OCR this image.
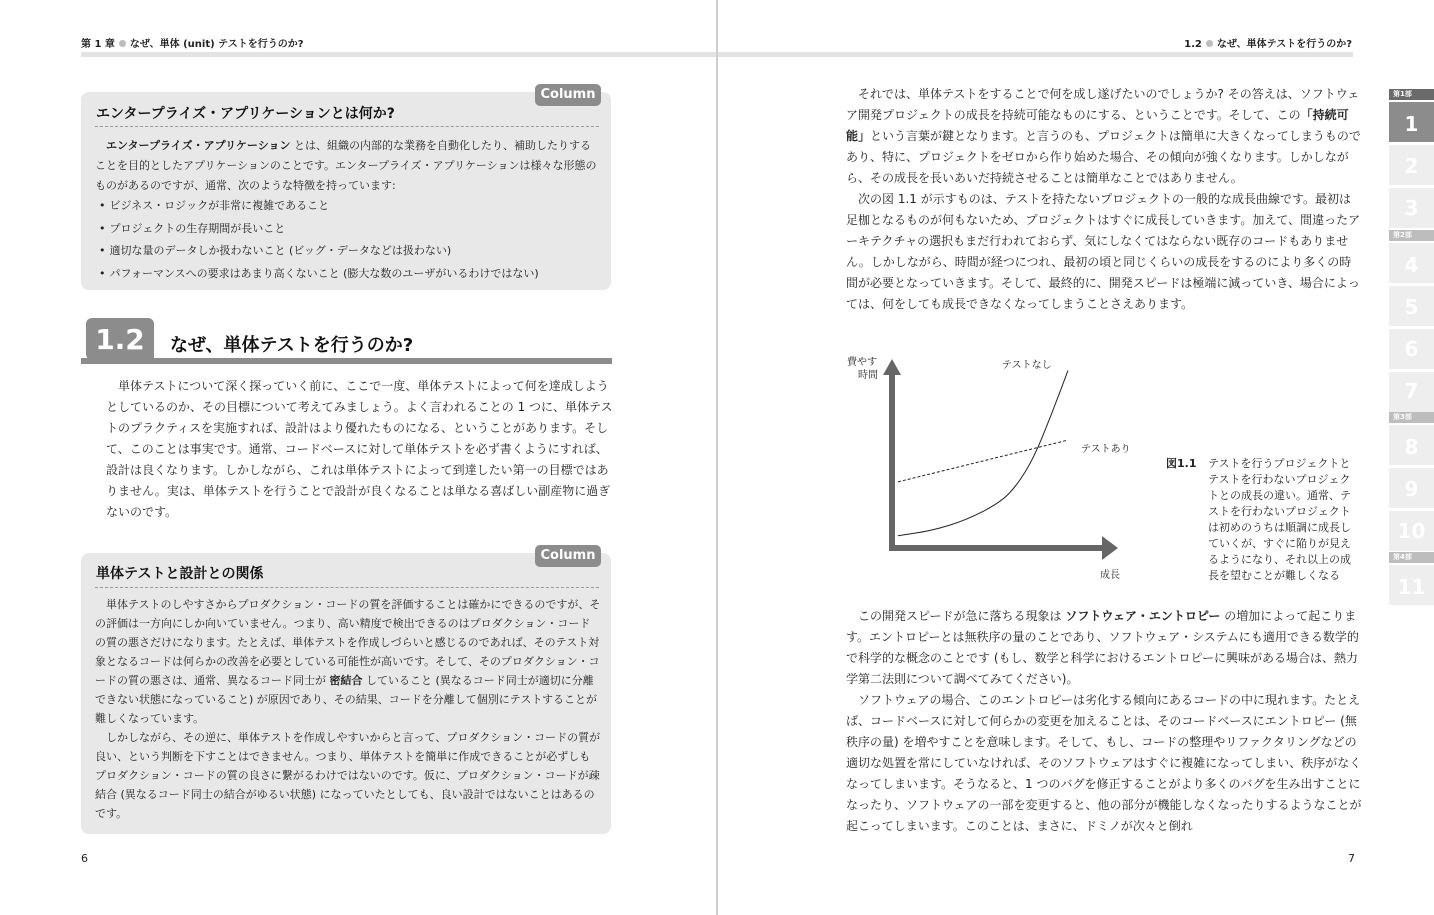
第 1 章 なぜ、単体 (unit) テストを行うのか?
Column
エンタープライズ・アプリケーションとは何か?

エンタープライズ・アプリケーション とは、組織の内部的な業務を自動化したり、補助したりすることを目的としたアプリケーションのことです。エンタープライズ・アプリケーションは様々な形態のものがあるのですが、通常、次のような特徴を持っています:

• ビジネス・ロジックが非常に複雑であること
• プロジェクトの生存期間が長いこと
• 適切な量のデータしか扱わないこと (ビッグ・データなどは扱わない)
• パフォーマンスへの要求はあまり高くないこと (膨大な数のユーザがいるわけではない)
1.2	なぜ、単体テストを行うのか?

単体テストについて深く探っていく前に、ここで一度、単体テストによって何を達成しようとしているのか、その目標について考えてみましょう。よく言われることの 1 つに、単体テストのプラクティスを実施すれば、設計はより優れたものになる、ということがあります。そして、このことは事実です。通常、コードベースに対して単体テストを必ず書くようにすれば、設計は良くなります。しかしながら、これは単体テストによって到達したい第一の目標ではありません。実は、単体テストを行うことで設計が良くなることは単なる喜ばしい副産物に過ぎないのです。

Column
単体テストと設計との関係

単体テストのしやすさからプロダクション・コードの質を評価することは確かにできるのですが、その評価は一方向にしか向いていません。つまり、高い精度で検出できるのはプロダクション・コードの質の悪さだけになります。たとえば、単体テストを作成しづらいと感じるのであれば、そのテスト対象となるコードは何らかの改善を必要としている可能性が高いです。そして、そのプロダクション・コードの質の悪さは、通常、異なるコード同士が 密結合 していること (異なるコード同士が適切に分離できない状態になっていること) が原因であり、その結果、コードを分離して個別にテストすることが難しくなっています。

しかしながら、その逆に、単体テストを作成しやすいからと言って、プロダクション・コードの質が良い、という判断を下すことはできません。つまり、単体テストを簡単に作成できることが必ずしもプロダクション・コードの質の良さに繋がるわけではないのです。仮に、プロダクション・コードが疎結合 (異なるコード同士の結合がゆるい状態) になっていたとしても、良い設計ではないことはあるのです。

6
1.2 なぜ、単体テストを行うのか?

それでは、単体テストをすることで何を成し遂げたいのでしょうか? その答えは、ソフトウェア開発プロジェクトの成長を持続可能なものにする、ということです。そして、この「持続可能」という言葉が鍵となります。と言うのも、プロジェクトは簡単に大きくなってしまうものであり、特に、プロジェクトをゼロから作り始めた場合、その傾向が強くなります。しかしながら、その成長を長いあいだ持続させることは簡単なことではありません。

次の図 1.1 が示すものは、テストを持たないプロジェクトの一般的な成長曲線です。最初は足枷となるものが何もないため、プロジェクトはすぐに成長していきます。加えて、間違ったアーキテクチャの選択もまだ行われておらず、気にしなくてはならない既存のコードもありません。しかしながら、時間が経つにつれ、最初の頃と同じくらいの成長をするのにより多くの時間が必要となっていきます。そして、最終的に、開発スピードは極端に減っていき、場合によっては、何をしても成長できなくなってしまうことさえあります。

この開発スピードが急に落ちる現象は ソフトウェア・エントロピー の増加によって起こります。エントロピーとは無秩序の量のことであり、ソフトウェア・システムにも適用できる数学的で科学的な概念のことです (もし、数学と科学におけるエントロピーに興味がある場合は、熱力学第二法則について調べてみてください)。

ソフトウェアの場合、このエントロピーは劣化する傾向にあるコードの中に現れます。たとえば、コードベースに対して何らかの変更を加えることは、そのコードベースにエントロピー (無秩序の量) を増やすことを意味します。そして、もし、コードの整理やリファクタリングなどの適切な処置を常にしていなければ、そのソフトウェアはすぐに複雑になってしまい、秩序がなくなってしまいます。そうなると、1 つのバグを修正することがより多くのバグを生み出すことになったり、ソフトウェアの一部を変更すると、他の部分が機能しなくなったりするようなことが起こってしまいます。このことは、まさに、ドミノが次々と倒れ

7
費やす
時間
成長
テストなし
テストあり
図1.1 テストを行うプロジェクトとテストを行わないプロジェクトとの成長の違い。通常、テストを行わないプロジェクトは初めのうちは順調に成長していくが、すぐに陥りが見えるようになり、それ以上の成長を望むことが難しくなる
第1部
1
2
3
第2部
4
5
6
7
第3部
8
9
10
第4部
11
